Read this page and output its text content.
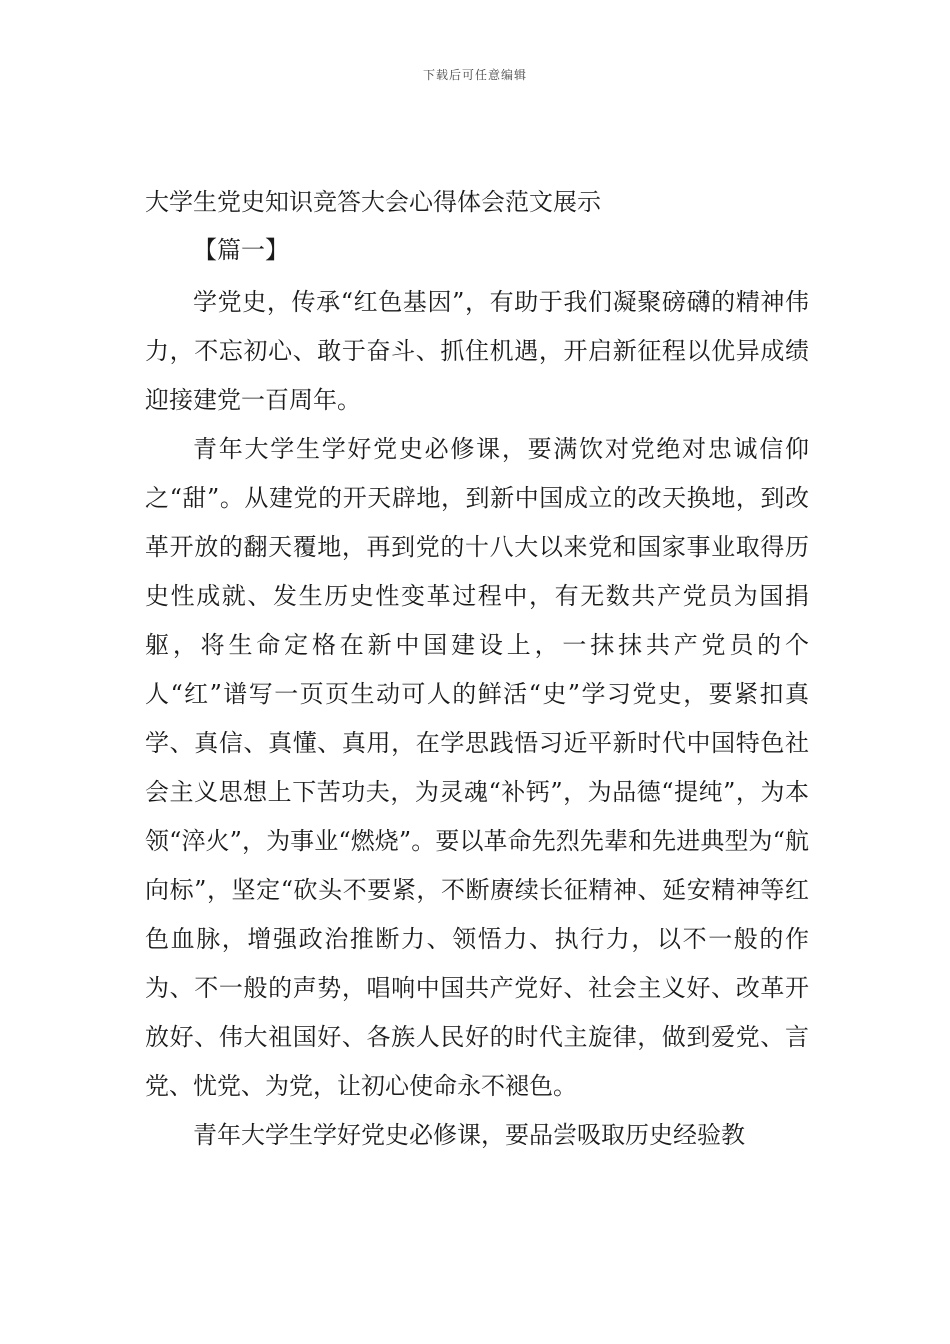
下载后可任意编辑
大学生党史知识竞答大会心得体会范文展示

【篇一】

学党史，传承“红色基因”，有助于我们凝聚磅礴的精神伟力，不忘初心、敢于奋斗、抓住机遇，开启新征程以优异成绩迎接建党一百周年。

青年大学生学好党史必修课，要满饮对党绝对忠诚信仰之“甜”。从建党的开天辟地，到新中国成立的改天换地，到改革开放的翻天覆地，再到党的十八大以来党和国家事业取得历史性成就、发生历史性变革过程中，有无数共产党员为国捐躯，将生命定格在新中国建设上，一抹抹共产党员的个人“红”谱写一页页生动可人的鲜活“史”学习党史，要紧扣真学、真信、真懂、真用，在学思践悟习近平新时代中国特色社会主义思想上下苦功夫，为灵魂“补钙”，为品德“提纯”，为本领“淬火”，为事业“燃烧”。要以革命先烈先辈和先进典型为“航向标”，坚定“砍头不要紧，不断赓续长征精神、延安精神等红色血脉，增强政治推断力、领悟力、执行力，以不一般的作为、不一般的声势，唱响中国共产党好、社会主义好、改革开放好、伟大祖国好、各族人民好的时代主旋律，做到爱党、言党、忧党、为党，让初心使命永不褪色。

青年大学生学好党史必修课，要品尝吸取历史经验教
